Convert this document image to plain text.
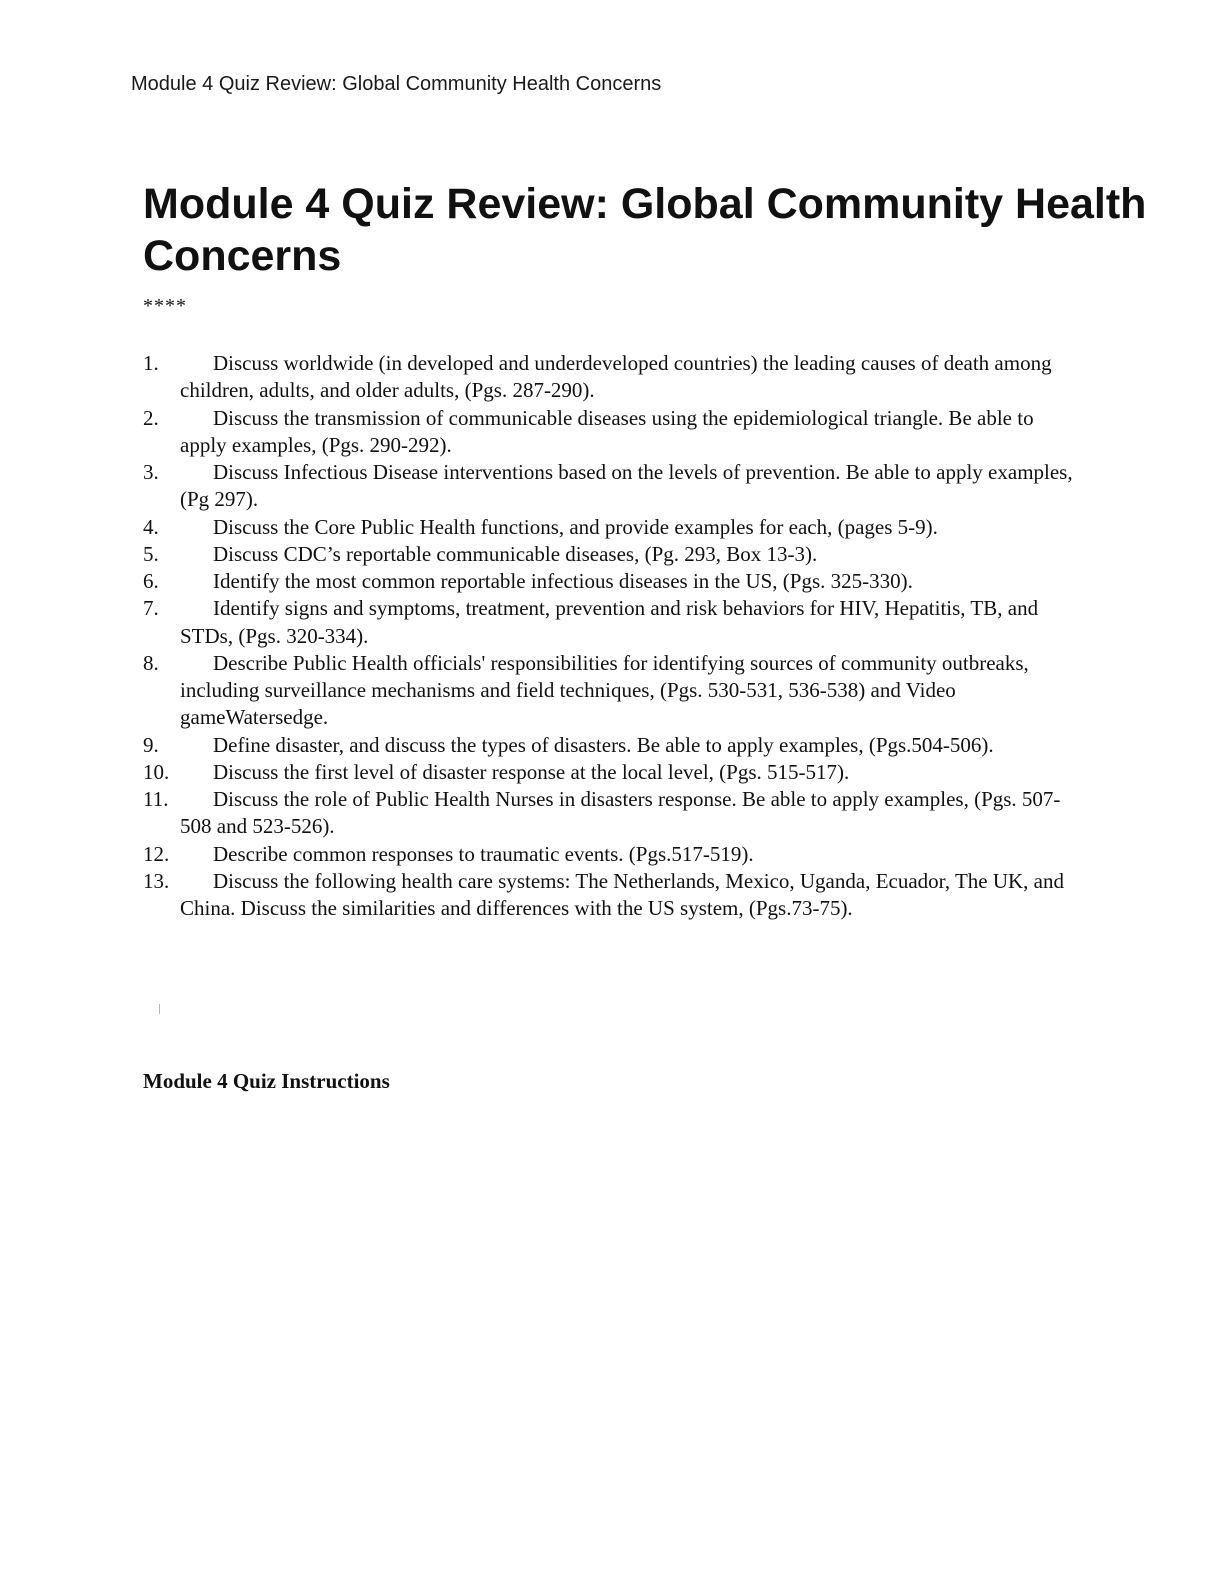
Module 4 Quiz Review: Global Community Health Concerns
Module 4 Quiz Review: Global Community Health Concerns
****
1.	Discuss worldwide (in developed and underdeveloped countries) the leading causes of death among children, adults, and older adults, (Pgs. 287-290).
2.	Discuss the transmission of communicable diseases using the epidemiological triangle. Be able to apply examples, (Pgs. 290-292).
3.	Discuss Infectious Disease interventions based on the levels of prevention. Be able to apply examples, (Pg 297).
4.	Discuss the Core Public Health functions, and provide examples for each, (pages 5-9).
5.	Discuss CDC’s reportable communicable diseases, (Pg. 293, Box 13-3).
6.	Identify the most common reportable infectious diseases in the US, (Pgs. 325-330).
7.	Identify signs and symptoms, treatment, prevention and risk behaviors for HIV, Hepatitis, TB, and STDs, (Pgs. 320-334).
8.	Describe Public Health officials' responsibilities for identifying sources of community outbreaks, including surveillance mechanisms and field techniques, (Pgs. 530-531, 536-538) and Video gameWatersedge.
9.	Define disaster, and discuss the types of disasters. Be able to apply examples, (Pgs.504-506).
10.	Discuss the first level of disaster response at the local level, (Pgs. 515-517).
11.	Discuss the role of Public Health Nurses in disasters response. Be able to apply examples, (Pgs. 507-508 and 523-526).
12.	Describe common responses to traumatic events. (Pgs.517-519).
13.	Discuss the following health care systems: The Netherlands, Mexico, Uganda, Ecuador, The UK, and China. Discuss the similarities and differences with the US system, (Pgs.73-75).
Module 4 Quiz Instructions
